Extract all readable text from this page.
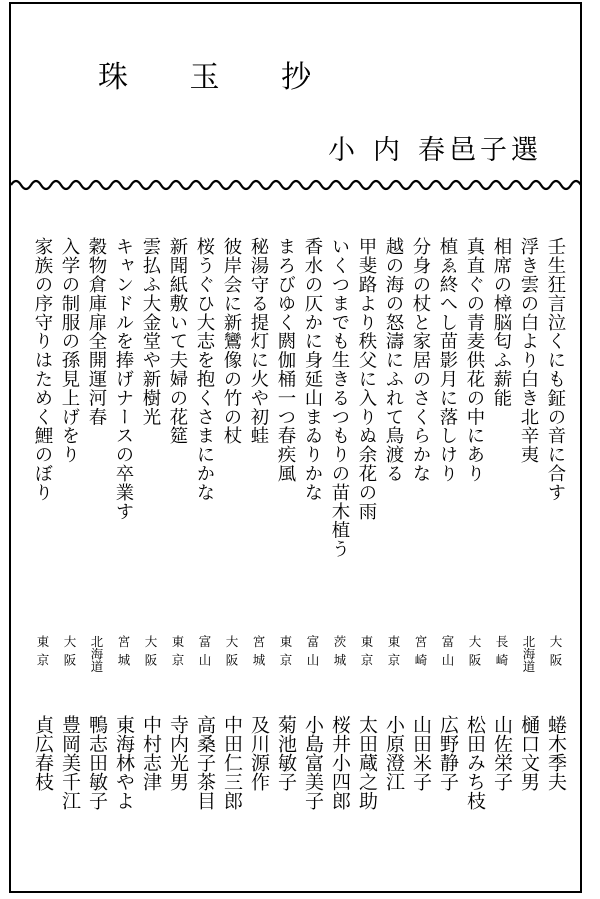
珠 玉 抄
小内春邑子選
壬生狂言泣くにも鉦の音に合す
大阪
蜷木季夫
浮き雲の白より白き北辛夷
北海道
樋口文男
相席の樟脳匂ふ薪能
長崎
山佐栄子
真直ぐの青麦供花の中にあり
大阪
松田みち枝
植ゑ終へし苗影月に落しけり
富山
広野静子
分身の杖と家居のさくらかな
宮崎
山田米子
越の海の怒濤にふれて鳥渡る
東京
小原澄江
甲斐路より秩父に入りぬ余花の雨
東京
太田蔵之助
いくつまでも生きるつもりの苗木植う
茨城
桜井小四郎
香水の仄かに身延山まゐりかな
富山
小島富美子
まろびゆく閼伽桶一つ春疾風
東京
菊池敏子
秘湯守る提灯に火や初蛙
宮城
及川源作
彼岸会に新鸞像の竹の杖
大阪
中田仁三郎
桜うぐひ大志を抱くさまにかな
富山
高桑子茶目
新聞紙敷いて夫婦の花筵
東京
寺内光男
雲払ふ大金堂や新樹光
大阪
中村志津
キャンドルを捧げナースの卒業す
宮城
東海林やよ
穀物倉庫扉全開運河春
北海道
鴨志田敏子
入学の制服の孫見上げをり
大阪
豊岡美千江
家族の序守りはためく鯉のぼり
東京
貞広春枝
